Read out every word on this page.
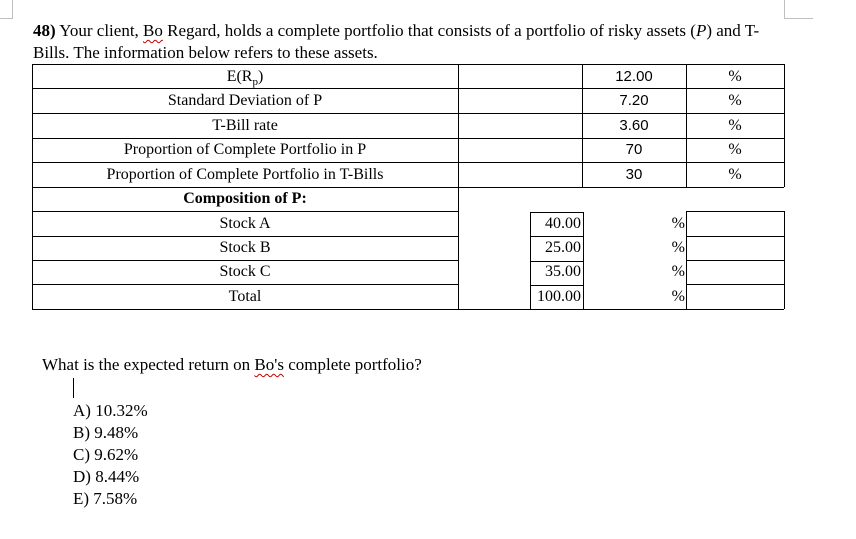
48) Your client, Bo Regard, holds a complete portfolio that consists of a portfolio of risky assets (P) and T-Bills. The information below refers to these assets.
$E(R_p)$	12.00	%
Standard Deviation of P	7.20	%
T-Bill rate	3.60	%
Proportion of Complete Portfolio in P	70	%
Proportion of Complete Portfolio in T-Bills	30	%
Composition of P:
Stock A	40.00	%
Stock B	25.00	%
Stock C	35.00	%
Total	100.00	%
What is the expected return on Bo's complete portfolio?
A) 10.32%
B) 9.48%
C) 9.62%
D) 8.44%
E) 7.58%
